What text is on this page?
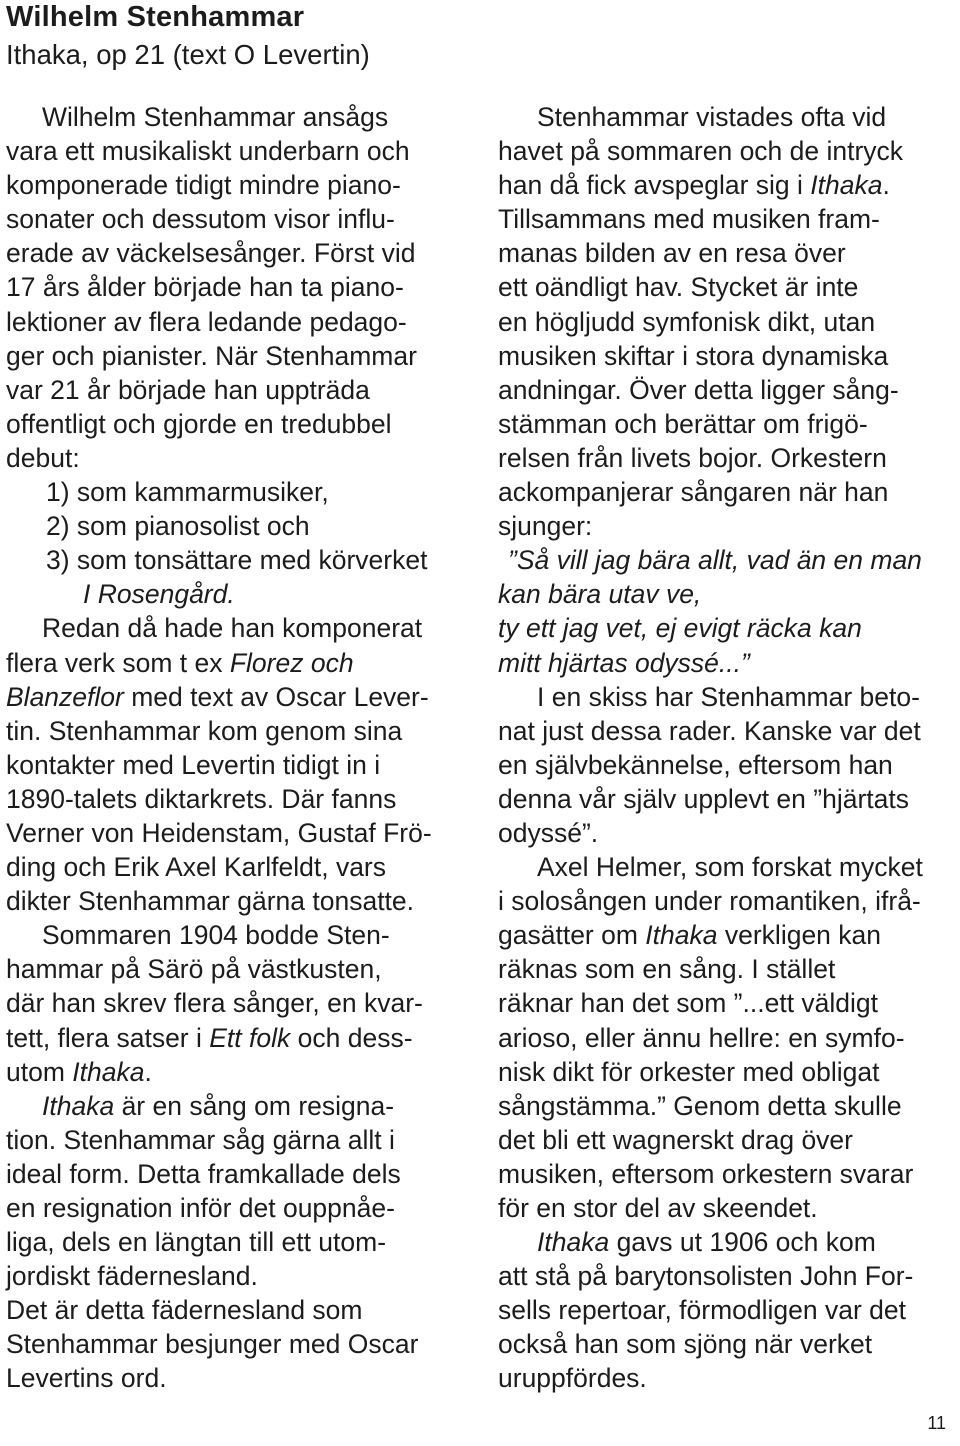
Wilhelm Stenhammar
Ithaka, op 21 (text O Levertin)
Wilhelm Stenhammar ansågs
vara ett musikaliskt underbarn och
komponerade tidigt mindre piano-
sonater och dessutom visor influ-
erade av väckelsesånger. Först vid
17 års ålder började han ta piano-
lektioner av flera ledande pedago-
ger och pianister. När Stenhammar
var 21 år började han uppträda
offentligt och gjorde en tredubbel
debut:
1) som kammarmusiker,
2) som pianosolist och
3) som tonsättare med körverket
I Rosengård.
Redan då hade han komponerat
flera verk som t ex Florez och
Blanzeflor med text av Oscar Lever-
tin. Stenhammar kom genom sina
kontakter med Levertin tidigt in i
1890-talets diktarkrets. Där fanns
Verner von Heidenstam, Gustaf Frö-
ding och Erik Axel Karlfeldt, vars
dikter Stenhammar gärna tonsatte.
Sommaren 1904 bodde Sten-
hammar på Särö på västkusten,
där han skrev flera sånger, en kvar-
tett, flera satser i Ett folk och dess-
utom Ithaka.
Ithaka är en sång om resigna-
tion. Stenhammar såg gärna allt i
ideal form. Detta framkallade dels
en resignation inför det ouppnåe-
liga, dels en längtan till ett utom-
jordiskt fädernesland.
Det är detta fädernesland som
Stenhammar besjunger med Oscar
Levertins ord.
Stenhammar vistades ofta vid
havet på sommaren och de intryck
han då fick avspeglar sig i Ithaka.
Tillsammans med musiken fram-
manas bilden av en resa över
ett oändligt hav. Stycket är inte
en högljudd symfonisk dikt, utan
musiken skiftar i stora dynamiska
andningar. Över detta ligger sång-
stämman och berättar om frigö-
relsen från livets bojor. Orkestern
ackompanjerar sångaren när han
sjunger:
”Så vill jag bära allt, vad än en man
kan bära utav ve,
ty ett jag vet, ej evigt räcka kan
mitt hjärtas odyssé...”
I en skiss har Stenhammar beto-
nat just dessa rader. Kanske var det
en självbekännelse, eftersom han
denna vår själv upplevt en ”hjärtats
odyssé”.
Axel Helmer, som forskat mycket
i solosången under romantiken, ifrå-
gasätter om Ithaka verkligen kan
räknas som en sång. I stället
räknar han det som ”...ett väldigt
arioso, eller ännu hellre: en symfo-
nisk dikt för orkester med obligat
sångstämma.” Genom detta skulle
det bli ett wagnerskt drag över
musiken, eftersom orkestern svarar
för en stor del av skeendet.
Ithaka gavs ut 1906 och kom
att stå på barytonsolisten John For-
sells repertoar, förmodligen var det
också han som sjöng när verket
uruppfördes.
11
